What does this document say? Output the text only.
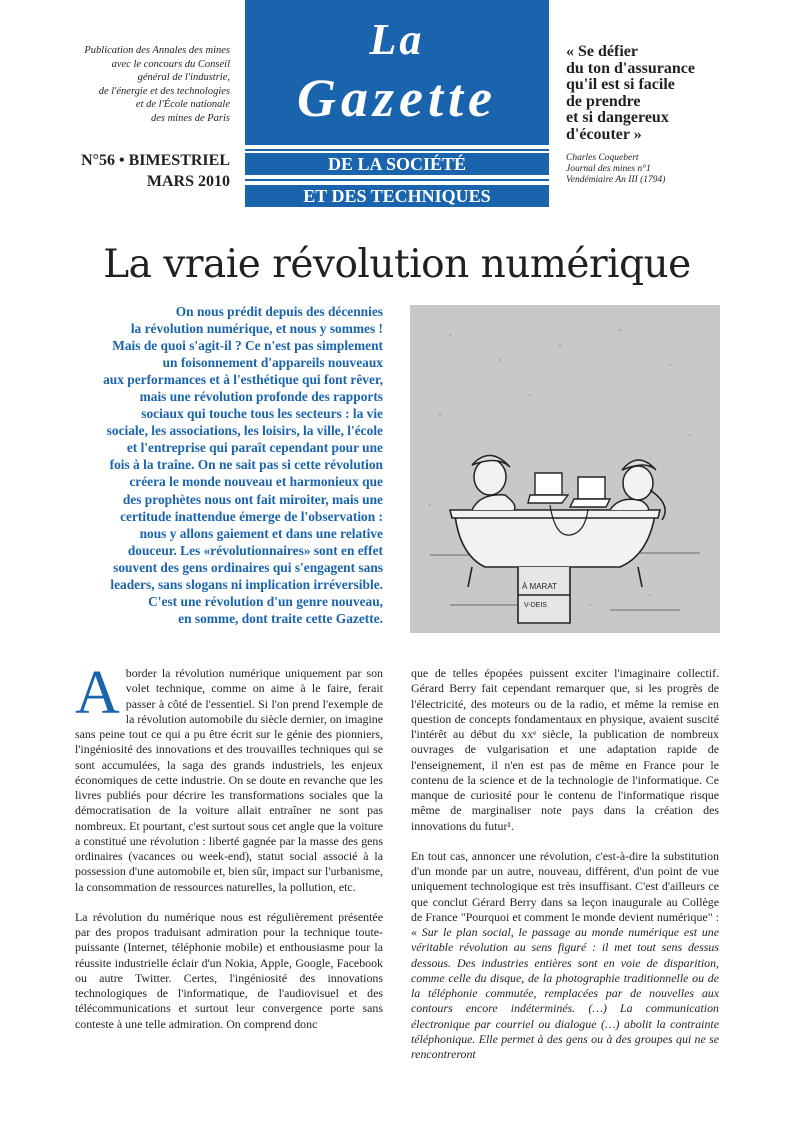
Publication des Annales des mines
avec le concours du Conseil
général de l'industrie,
de l'énergie et des technologies
et de l'École nationale
des mines de Paris
N°56 • BIMESTRIEL
MARS 2010
La
Gazette
DE LA SOCIÉTÉ
ET DES TECHNIQUES
« Se défier
du ton d'assurance
qu'il est si facile
de prendre
et si dangereux
d'écouter »
Charles Coquebert
Journal des mines n°1
Vendémiaire An III (1794)
La vraie révolution numérique
On nous prédit depuis des décennies
la révolution numérique, et nous y sommes !
Mais de quoi s'agit-il ? Ce n'est pas simplement
un foisonnement d'appareils nouveaux
aux performances et à l'esthétique qui font rêver,
mais une révolution profonde des rapports
sociaux qui touche tous les secteurs : la vie
sociale, les associations, les loisirs, la ville, l'école
et l'entreprise qui paraît cependant pour une
fois à la traîne. On ne sait pas si cette révolution
créera le monde nouveau et harmonieux que
des prophètes nous ont fait miroiter, mais une
certitude inattendue émerge de l'observation :
nous y allons gaiement et dans une relative
douceur. Les «révolutionnaires» sont en effet
souvent des gens ordinaires qui s'engagent sans
leaders, sans slogans ni implication irréversible.
C'est une révolution d'un genre nouveau,
en somme, dont traite cette Gazette.
À MARAT
V-DEIS

Aborder la révolution numérique uniquement par son volet technique, comme on aime à le faire, ferait passer à côté de l'essentiel. Si l'on prend l'exemple de la révolution automobile du siècle dernier, on imagine sans peine tout ce qui a pu être écrit sur le génie des pionniers, l'ingéniosité des innovations et des trouvailles techniques qui se sont accumulées, la saga des grands industriels, les enjeux économiques de cette industrie. On se doute en revanche que les livres publiés pour décrire les transformations sociales que la démocratisation de la voiture allait entraîner ne sont pas nombreux. Et pourtant, c'est surtout sous cet angle que la voiture a constitué une révolution : liberté gagnée par la masse des gens ordinaires (vacances ou week-end), statut social associé à la possession d'une automobile et, bien sûr, impact sur l'urbanisme, la consommation de ressources naturelles, la pollution, etc.

La révolution du numérique nous est régulièrement présentée par des propos traduisant admiration pour la technique toute-puissante (Internet, téléphonie mobile) et enthousiasme pour la réussite industrielle éclair d'un Nokia, Apple, Google, Facebook ou autre Twitter. Certes, l'ingéniosité des innovations technologiques de l'informatique, de l'audiovisuel et des télécommunications et surtout leur convergence porte sans conteste à une telle admiration. On comprend donc

que de telles épopées puissent exciter l'imaginaire collectif. Gérard Berry fait cependant remarquer que, si les progrès de l'électricité, des moteurs ou de la radio, et même la remise en question de concepts fondamentaux en physique, avaient suscité l'intérêt au début du xxᵉ siècle, la publication de nombreux ouvrages de vulgarisation et une adaptation rapide de l'enseignement, il n'en est pas de même en France pour le contenu de la science et de la technologie de l'informatique. Ce manque de curiosité pour le contenu de l'informatique risque même de marginaliser note pays dans la création des innovations du futur¹.

En tout cas, annoncer une révolution, c'est-à-dire la substitution d'un monde par un autre, nouveau, différent, d'un point de vue uniquement technologique est très insuffisant. C'est d'ailleurs ce que conclut Gérard Berry dans sa leçon inaugurale au Collège de France "Pourquoi et comment le monde devient numérique" : « Sur le plan social, le passage au monde numérique est une véritable révolution au sens figuré : il met tout sens dessus dessous. Des industries entières sont en voie de disparition, comme celle du disque, de la photographie traditionnelle ou de la téléphonie commutée, remplacées par de nouvelles aux contours encore indéterminés. (…) La communication électronique par courriel ou dialogue (…) abolit la contrainte téléphonique. Elle permet à des gens ou à des groupes qui ne se rencontreront
